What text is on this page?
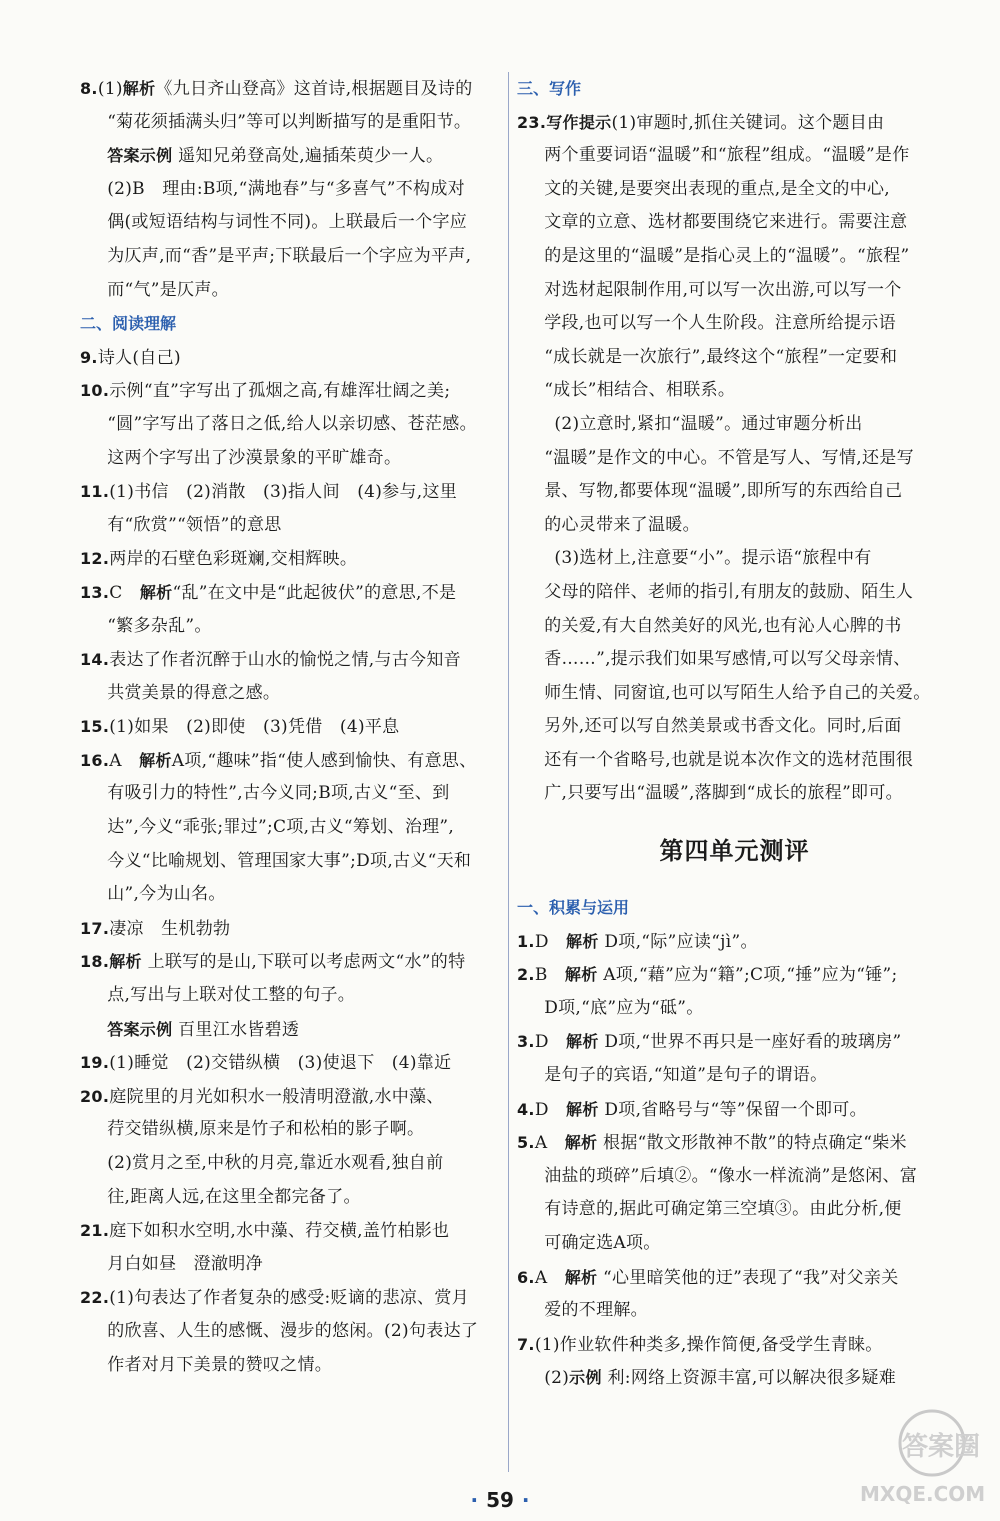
8.(1)解析《九日齐山登高》这首诗,根据题目及诗的
“菊花须插满头归”等可以判断描写的是重阳节。
答案示例 遥知兄弟登高处,遍插茱萸少一人。
(2)B　理由:B项,“满地春”与“多喜气”不构成对
偶(或短语结构与词性不同)。上联最后一个字应
为仄声,而“香”是平声;下联最后一个字应为平声,
而“气”是仄声。
二、阅读理解
9.诗人(自己)
10.示例“直”字写出了孤烟之高,有雄浑壮阔之美;
“圆”字写出了落日之低,给人以亲切感、苍茫感。
这两个字写出了沙漠景象的平旷雄奇。
11.(1)书信　(2)消散　(3)指人间　(4)参与,这里
有“欣赏”“领悟”的意思
12.两岸的石壁色彩斑斓,交相辉映。
13.C　解析“乱”在文中是“此起彼伏”的意思,不是
“繁多杂乱”。
14.表达了作者沉醉于山水的愉悦之情,与古今知音
共赏美景的得意之感。
15.(1)如果　(2)即使　(3)凭借　(4)平息
16.A　解析A项,“趣味”指“使人感到愉快、有意思、
有吸引力的特性”,古今义同;B项,古义“至、到
达”,今义“乖张;罪过”;C项,古义“筹划、治理”,
今义“比喻规划、管理国家大事”;D项,古义“天和
山”,今为山名。
17.凄凉　生机勃勃
18.解析 上联写的是山,下联可以考虑两文“水”的特
点,写出与上联对仗工整的句子。
答案示例 百里江水皆碧透
19.(1)睡觉　(2)交错纵横　(3)使退下　(4)靠近
20.庭院里的月光如积水一般清明澄澈,水中藻、
荇交错纵横,原来是竹子和松柏的影子啊。
(2)赏月之至,中秋的月亮,靠近水观看,独自前
往,距离人远,在这里全都完备了。
21.庭下如积水空明,水中藻、荇交横,盖竹柏影也
月白如昼　澄澈明净
22.(1)句表达了作者复杂的感受:贬谪的悲凉、赏月
的欣喜、人生的感慨、漫步的悠闲。(2)句表达了
作者对月下美景的赞叹之情。
三、写作
23.写作提示(1)审题时,抓住关键词。这个题目由
两个重要词语“温暖”和“旅程”组成。“温暖”是作
文的关键,是要突出表现的重点,是全文的中心,
文章的立意、选材都要围绕它来进行。需要注意
的是这里的“温暖”是指心灵上的“温暖”。“旅程”
对选材起限制作用,可以写一次出游,可以写一个
学段,也可以写一个人生阶段。注意所给提示语
“成长就是一次旅行”,最终这个“旅程”一定要和
“成长”相结合、相联系。
(2)立意时,紧扣“温暖”。通过审题分析出
“温暖”是作文的中心。不管是写人、写情,还是写
景、写物,都要体现“温暖”,即所写的东西给自己
的心灵带来了温暖。
(3)选材上,注意要“小”。提示语“旅程中有
父母的陪伴、老师的指引,有朋友的鼓励、陌生人
的关爱,有大自然美好的风光,也有沁人心脾的书
香……”,提示我们如果写感情,可以写父母亲情、
师生情、同窗谊,也可以写陌生人给予自己的关爱。
另外,还可以写自然美景或书香文化。同时,后面
还有一个省略号,也就是说本次作文的选材范围很
广,只要写出“温暖”,落脚到“成长的旅程”即可。
第四单元测评
一、积累与运用
1.D　解析 D项,“际”应读“jì”。
2.B　解析 A项,“藉”应为“籍”;C项,“捶”应为“锤”;
D项,“底”应为“砥”。
3.D　解析 D项,“世界不再只是一座好看的玻璃房”
是句子的宾语,“知道”是句子的谓语。
4.D　解析 D项,省略号与“等”保留一个即可。
5.A　解析 根据“散文形散神不散”的特点确定“柴米
油盐的琐碎”后填②。“像水一样流淌”是悠闲、富
有诗意的,据此可确定第三空填③。由此分析,便
可确定选A项。
6.A　解析 “心里暗笑他的迂”表现了“我”对父亲关
爱的不理解。
7.(1)作业软件种类多,操作简便,备受学生青睐。
(2)示例 利:网络上资源丰富,可以解决很多疑难
· 59 ·
答案圈
MXQE.COM
